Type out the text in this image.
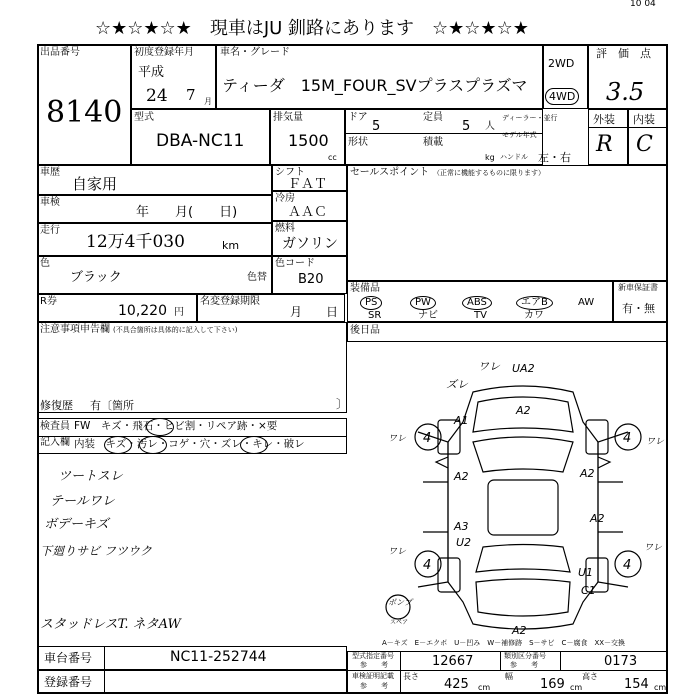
☆★☆★☆★　現車はJU 釧路にあります　☆★☆★☆★
10 04
出品番号
8140
初度登録年月
平成
24 7 月
車名・グレード
ティーダ　15M_FOUR_SVプラスプラズマ
2WD
4WD
評　価　点
3.5
型式
DBA-NC11
排気量
1500
cc
ドア
5
定員
5 人
ディーラー・並行
形状	積載
モデル年式
kg ハンドル 左・右
外装 内装
R C
車歴
自家用
車検
年　　月(　　日)
走行
12万4千030	km
色
ブラック	色替
シフト
ＦＡＴ
冷房
ＡＡＣ
燃料
ガソリン
色コード
B20
セールスポイント （正常に機能するものに限ります）
R券
10,220 円
名変登録期限
月　　日
装備品
PS	PW	ABS	エアB	AW
SR	ナビ	TV	カワ
新車保証書
有・無
注意事項申告欄 (不具合箇所は具体的に記入して下さい)
修復歴 有〔箇所	〕
後日品
検査員
記入欄
FW　キズ・飛石・ヒビ割・リペア跡・×要
内装　キズ・汚レ・コゲ・穴・ズレ・キレ・破レ
ツートスレ
テールワレ
ボデーキズ
下廻りサビ フツウク
スタッドレスT. ネタAW
UA2
ワレ
ズレ
A1
A2
A2	A2
A2
A3
U2
U1
C1
A2
4	4
4	4
ワレ	ワレ
ワレ	ワレ
ポンプ
スペア
A－キズ　E－エクボ　U－凹み　W－補修跡　S－サビ　C－腐食　XX－交換
車台番号	NC11-252744
登録番号
型式指定番号
参　　考	12667	類別区分番号
参　　考	0173
車検証明記載
参　　考
長さ
425 cm
幅
169 cm
高さ
154 cm
